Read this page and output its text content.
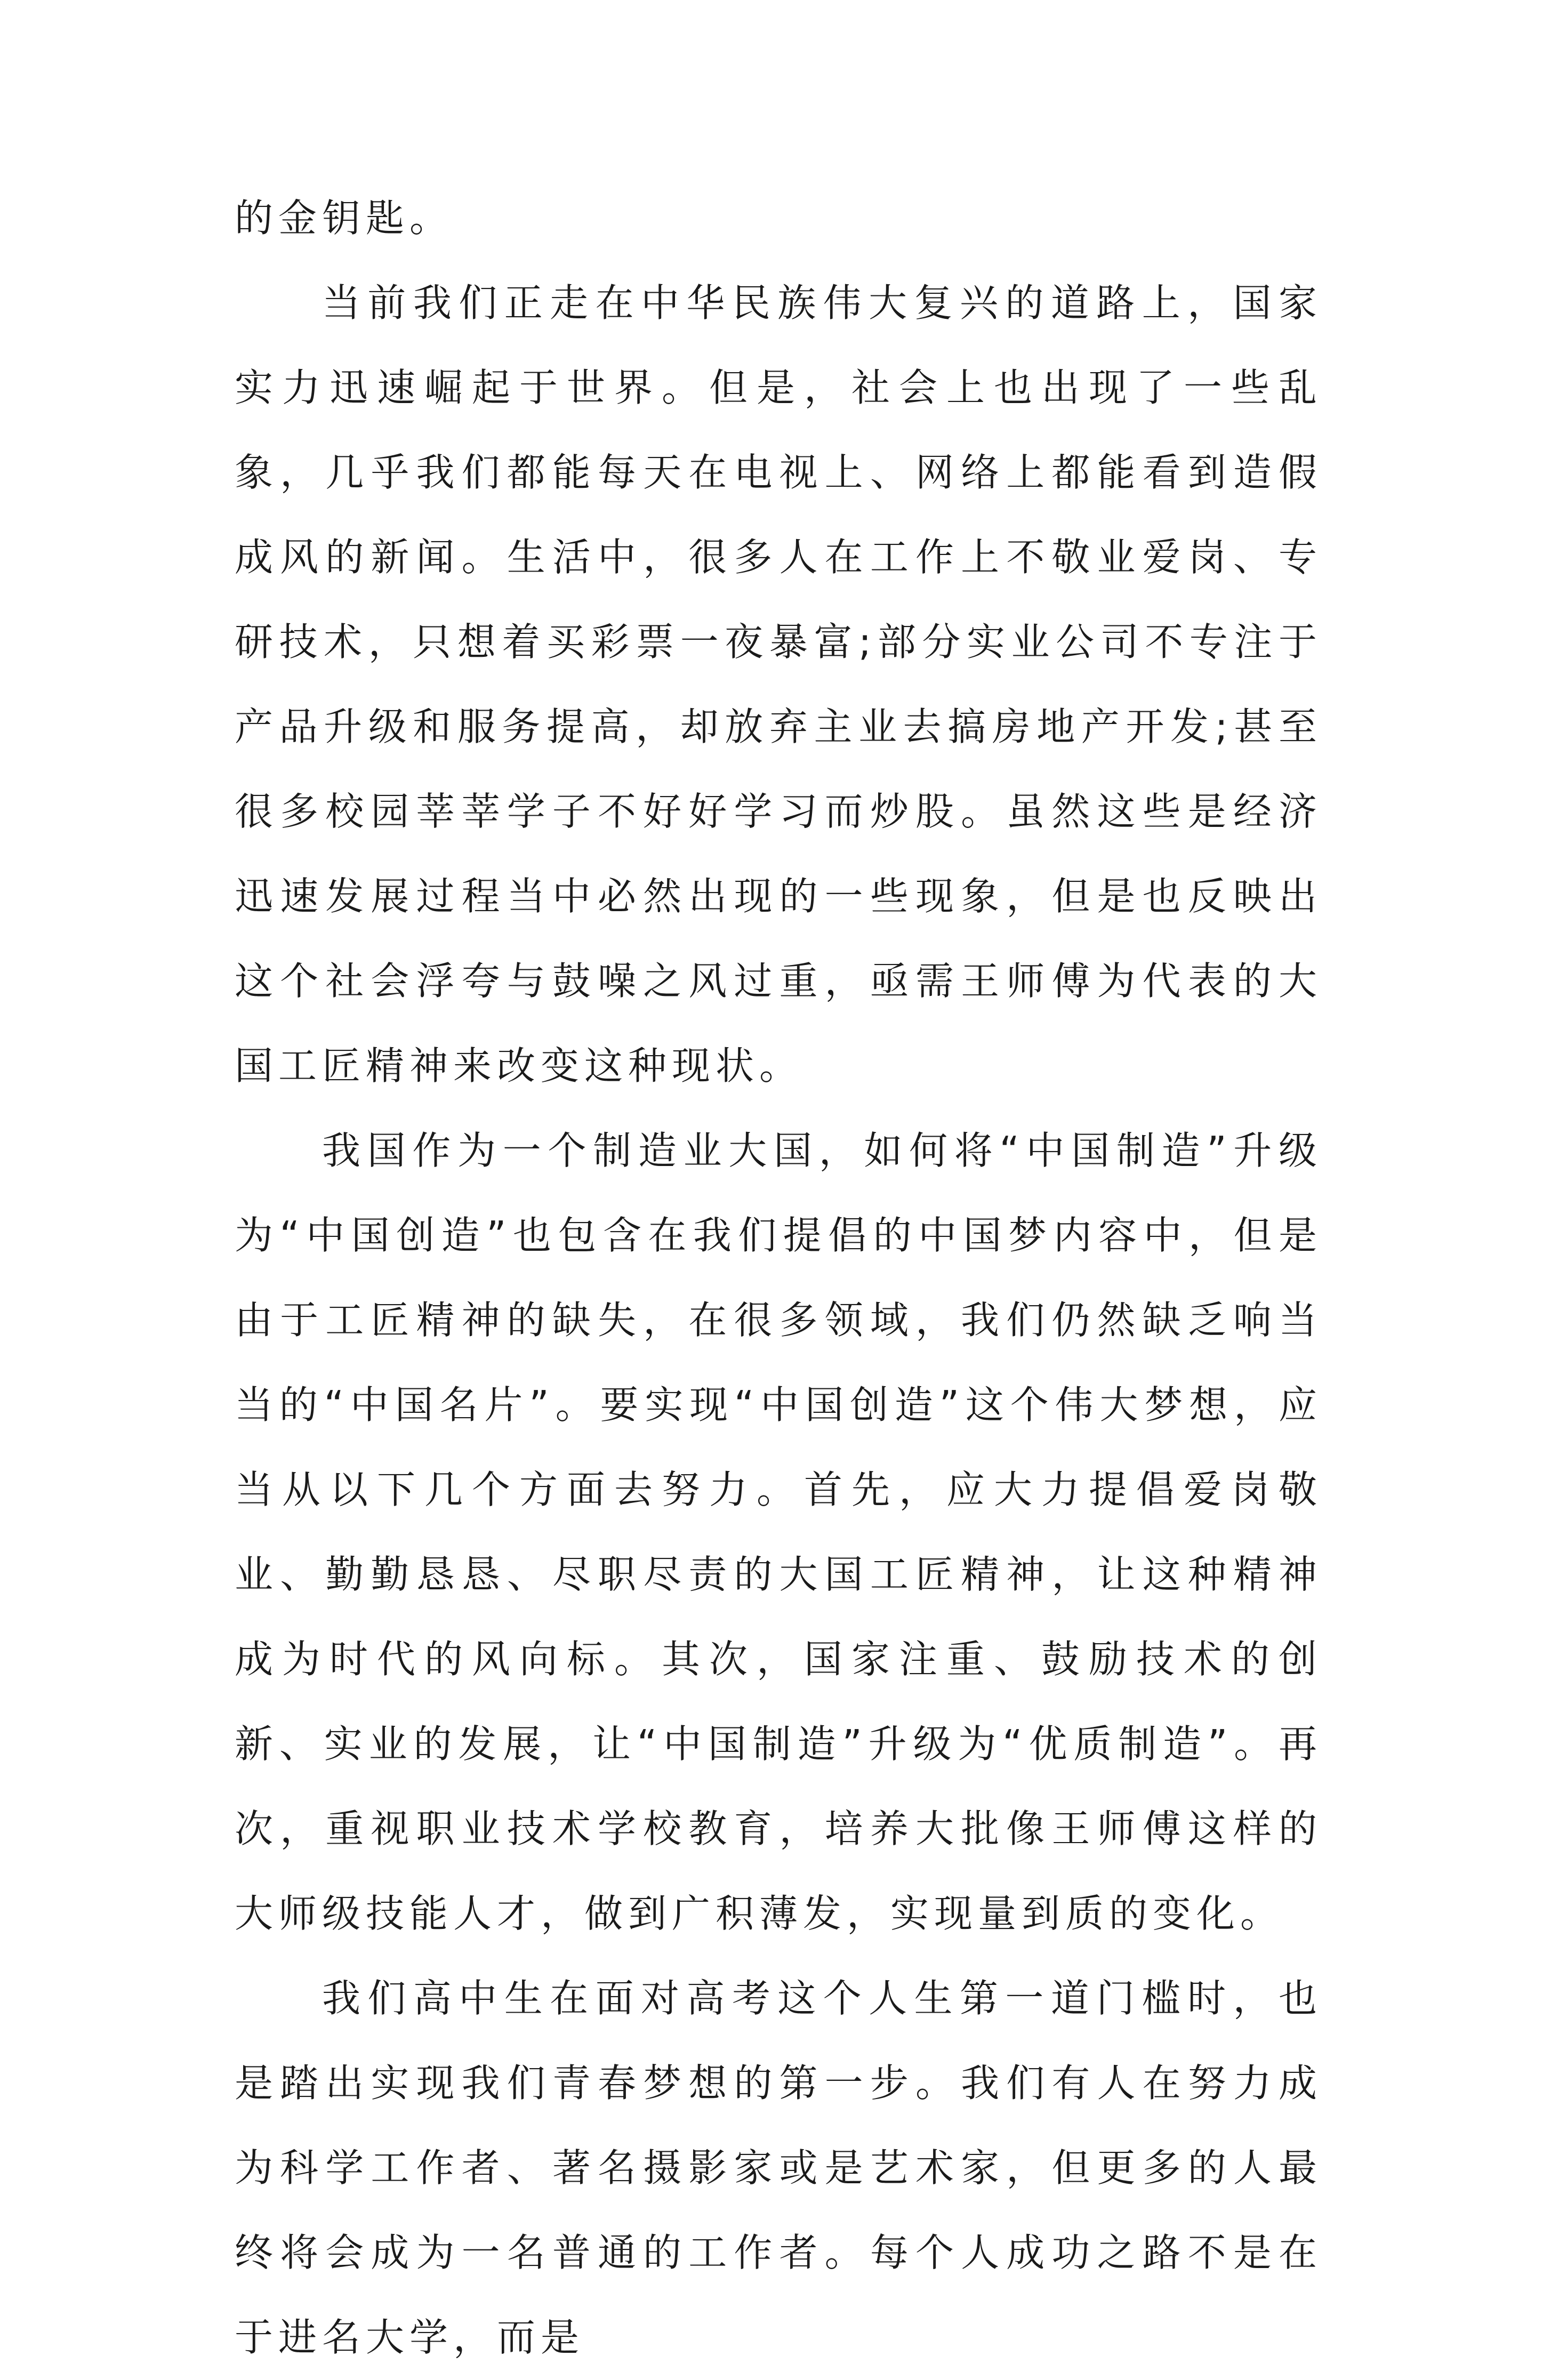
的金钥匙。

当前我们正走在中华民族伟大复兴的道路上，国家实力迅速崛起于世界。但是，社会上也出现了一些乱象，几乎我们都能每天在电视上、网络上都能看到造假成风的新闻。生活中，很多人在工作上不敬业爱岗、专研技术，只想着买彩票一夜暴富;部分实业公司不专注于产品升级和服务提高，却放弃主业去搞房地产开发;甚至很多校园莘莘学子不好好学习而炒股。虽然这些是经济迅速发展过程当中必然出现的一些现象，但是也反映出这个社会浮夸与鼓噪之风过重，亟需王师傅为代表的大国工匠精神来改变这种现状。

我国作为一个制造业大国，如何将“中国制造”升级为“中国创造”也包含在我们提倡的中国梦内容中，但是由于工匠精神的缺失，在很多领域，我们仍然缺乏响当当的“中国名片”。要实现“中国创造”这个伟大梦想，应当从以下几个方面去努力。首先，应大力提倡爱岗敬业、勤勤恳恳、尽职尽责的大国工匠精神，让这种精神成为时代的风向标。其次，国家注重、鼓励技术的创新、实业的发展，让“中国制造”升级为“优质制造”。再次，重视职业技术学校教育，培养大批像王师傅这样的大师级技能人才，做到广积薄发，实现量到质的变化。

我们高中生在面对高考这个人生第一道门槛时，也是踏出实现我们青春梦想的第一步。我们有人在努力成为科学工作者、著名摄影家或是艺术家，但更多的人最终将会成为一名普通的工作者。每个人成功之路不是在于进名大学，而是
